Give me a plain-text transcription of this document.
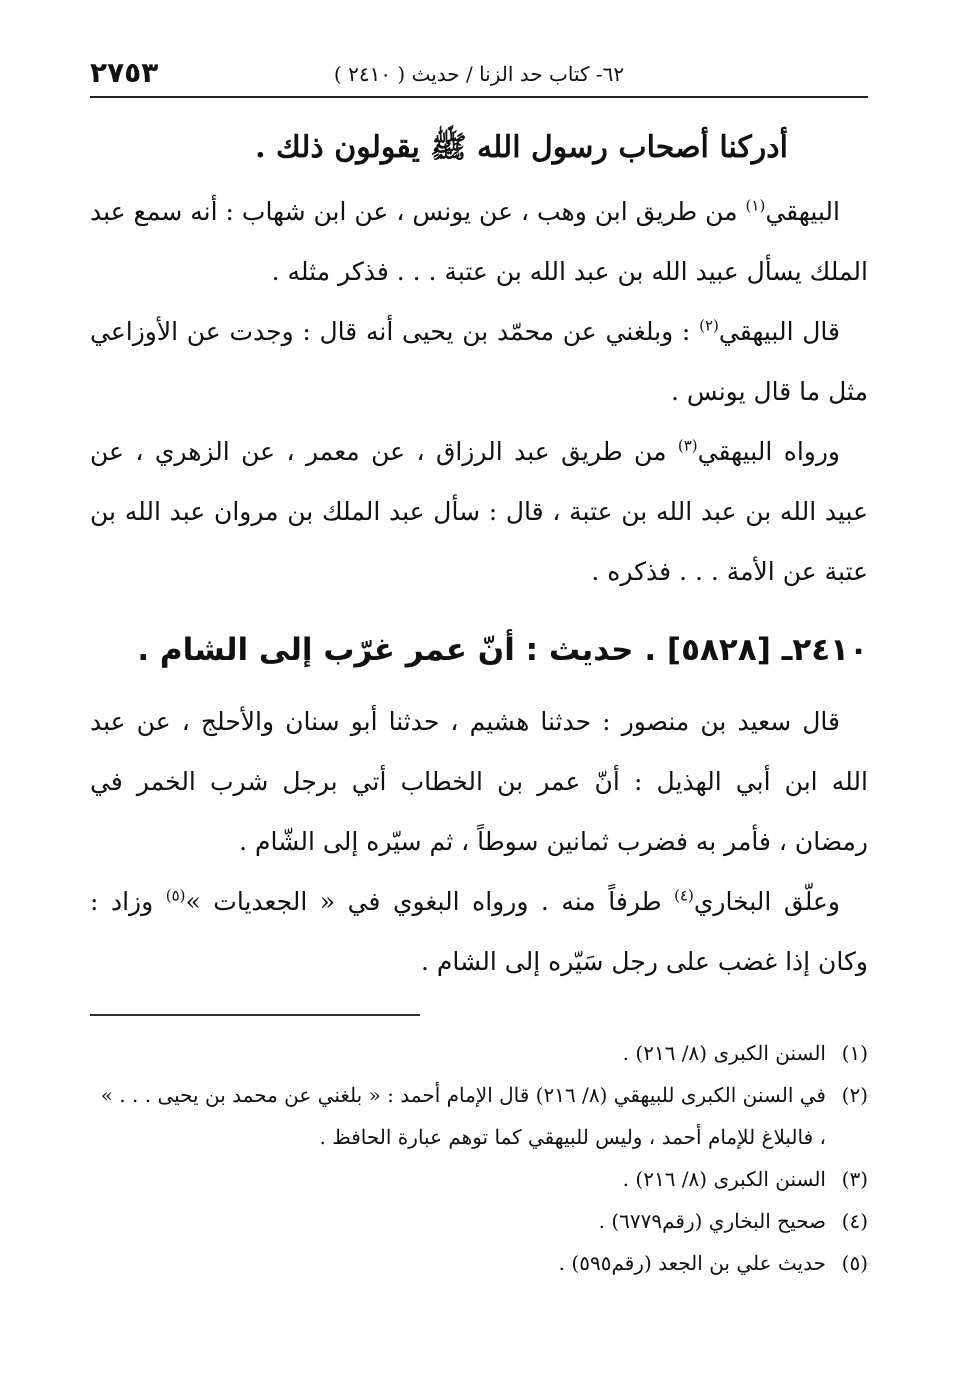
٦٢- كتاب حد الزنا / حديث ( ٢٤١٠ )
٢٧٥٣
أدركنا أصحاب رسول الله ﷺ يقولون ذلك .

البيهقي$^{(١)}$ من طريق ابن وهب ، عن يونس ، عن ابن شهاب : أنه سمع عبد الملك يسأل عبيد الله بن عبد الله بن عتبة . . . فذكر مثله .

قال البيهقي$^{(٢)}$ : وبلغني عن محمّد بن يحيى أنه قال : وجدت عن الأوزاعي مثل ما قال يونس .

ورواه البيهقي$^{(٣)}$ من طريق عبد الرزاق ، عن معمر ، عن الزهري ، عن عبيد الله بن عبد الله بن عتبة ، قال : سأل عبد الملك بن مروان عبد الله بن عتبة عن الأمة . . . فذكره .

٢٤١٠ـ [٥٨٢٨] . حديث : أنّ عمر غرّب إلى الشام .

قال سعيد بن منصور : حدثنا هشيم ، حدثنا أبو سنان والأحلج ، عن عبد الله ابن أبي الهذيل : أنّ عمر بن الخطاب أتي برجل شرب الخمر في رمضان ، فأمر به فضرب ثمانين سوطاً ، ثم سيّره إلى الشّام .

وعلّق البخاري$^{(٤)}$ طرفاً منه . ورواه البغوي في « الجعديات »$^{(٥)}$ وزاد : وكان إذا غضب على رجل سَيّره إلى الشام .

(١)
السنن الكبرى (٨/ ٢١٦) .
(٢)
في السنن الكبرى للبيهقي (٨/ ٢١٦) قال الإمام أحمد : « بلغني عن محمد بن يحيى . . . » ، فالبلاغ للإمام أحمد ، وليس للبيهقي كما توهم عبارة الحافظ .
(٣)
السنن الكبرى (٨/ ٢١٦) .
(٤)
صحيح البخاري (رقم٦٧٧٩) .
(٥)
حديث علي بن الجعد (رقم٥٩٥) .
